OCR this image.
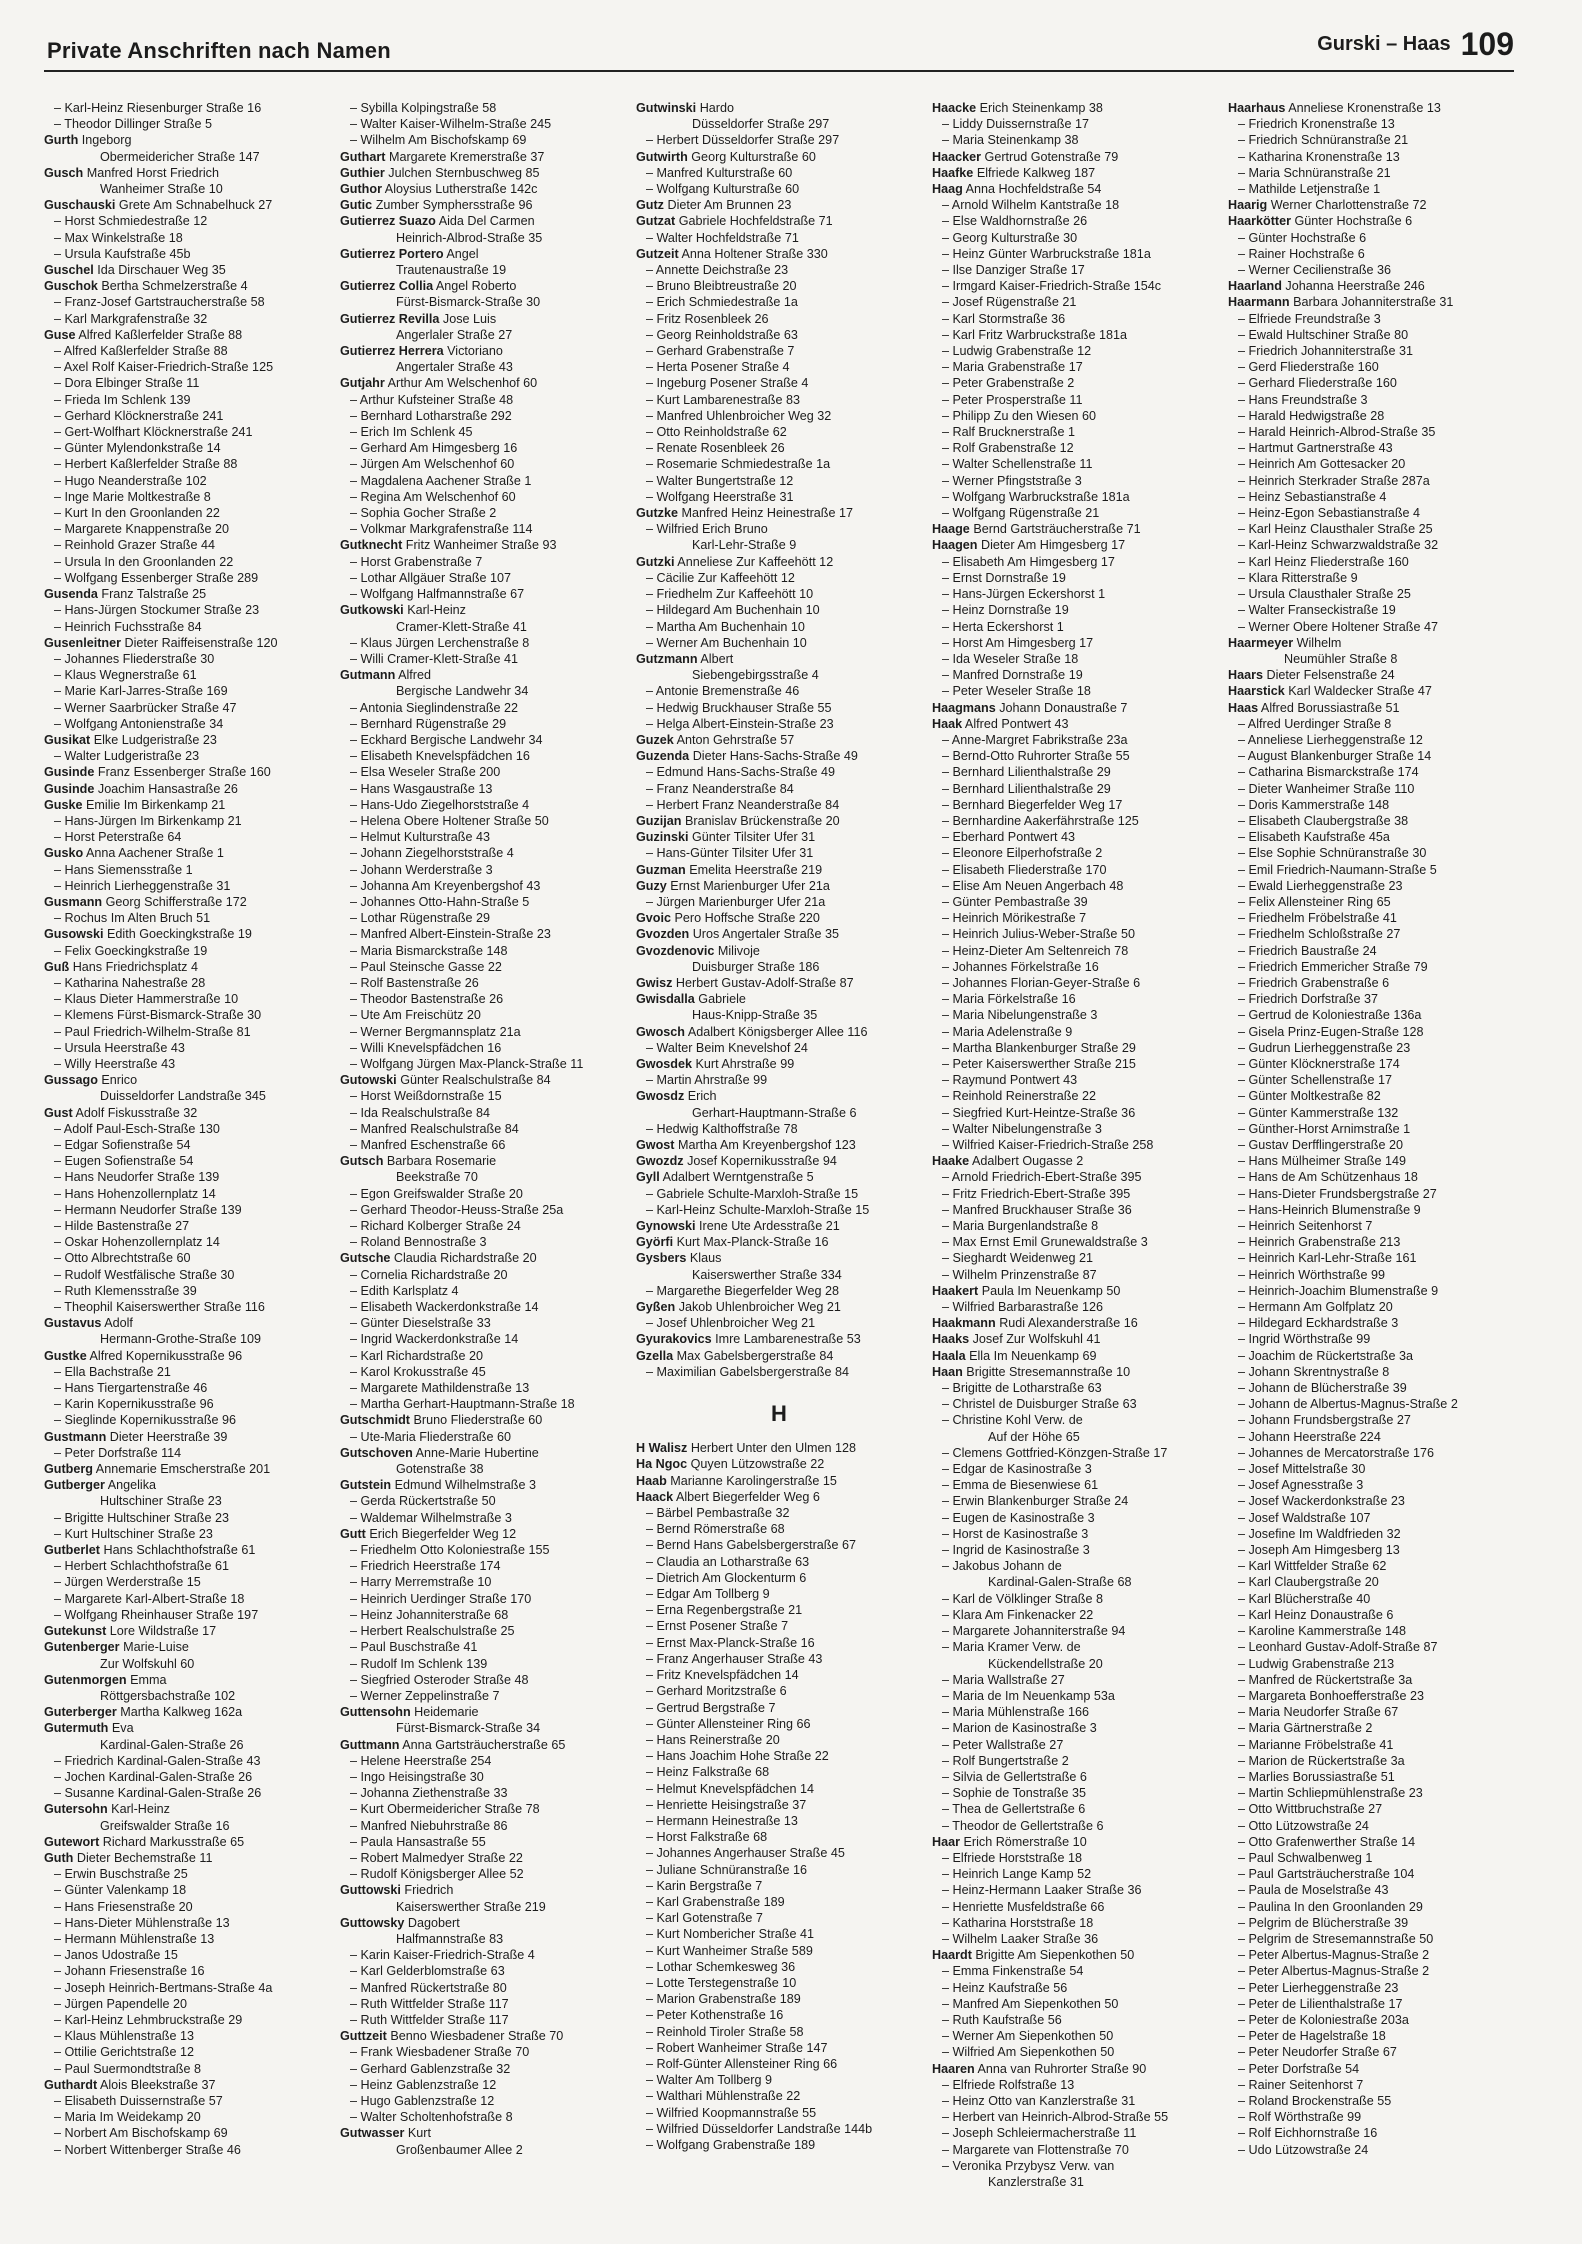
Private Anschriften nach Namen	Gurski – Haas 109
– Karl-Heinz Riesenburger Straße 16
– Theodor Dillinger Straße 5
Gurth Ingeborg
Obermeidericher Straße 147
Gusch Manfred Horst Friedrich
Wanheimer Straße 10
Guschauski Grete Am Schnabelhuck 27
– Horst Schmiedestraße 12
– Max Winkelstraße 18
– Ursula Kaufstraße 45b
Guschel Ida Dirschauer Weg 35
Guschok Bertha Schmelzerstraße 4
– Franz-Josef Gartstraucherstraße 58
– Karl Markgrafenstraße 32
Guse Alfred Kaßlerfelder Straße 88
– Alfred Kaßlerfelder Straße 88
– Axel Rolf Kaiser-Friedrich-Straße 125
– Dora Elbinger Straße 11
– Frieda Im Schlenk 139
– Gerhard Klöcknerstraße 241
– Gert-Wolfhart Klöcknerstraße 241
– Günter Mylendonkstraße 14
– Herbert Kaßlerfelder Straße 88
– Hugo Neanderstraße 102
– Inge Marie Moltkestraße 8
– Kurt In den Groonlanden 22
– Margarete Knappenstraße 20
– Reinhold Grazer Straße 44
– Ursula In den Groonlanden 22
– Wolfgang Essenberger Straße 289
Gusenda Franz Talstraße 25
– Hans-Jürgen Stockumer Straße 23
– Heinrich Fuchsstraße 84
Gusenleitner Dieter Raiffeisenstraße 120
– Johannes Fliederstraße 30
– Klaus Wegnerstraße 61
– Marie Karl-Jarres-Straße 169
– Werner Saarbrücker Straße 47
– Wolfgang Antonienstraße 34
Gusikat Elke Ludgeristraße 23
– Walter Ludgeristraße 23
Gusinde Franz Essenberger Straße 160
Gusinde Joachim Hansastraße 26
Guske Emilie Im Birkenkamp 21
– Hans-Jürgen Im Birkenkamp 21
– Horst Peterstraße 64
Gusko Anna Aachener Straße 1
– Hans Siemensstraße 1
– Heinrich Lierheggenstraße 31
Gusmann Georg Schifferstraße 172
– Rochus Im Alten Bruch 51
Gusowski Edith Goeckingkstraße 19
– Felix Goeckingkstraße 19
Guß Hans Friedrichsplatz 4
– Katharina Nahestraße 28
– Klaus Dieter Hammerstraße 10
– Klemens Fürst-Bismarck-Straße 30
– Paul Friedrich-Wilhelm-Straße 81
– Ursula Heerstraße 43
– Willy Heerstraße 43
Gussago Enrico
Duisseldorfer Landstraße 345
Gust Adolf Fiskusstraße 32
– Adolf Paul-Esch-Straße 130
– Edgar Sofienstraße 54
– Eugen Sofienstraße 54
– Hans Neudorfer Straße 139
– Hans Hohenzollernplatz 14
– Hermann Neudorfer Straße 139
– Hilde Bastenstraße 27
– Oskar Hohenzollernplatz 14
– Otto Albrechtstraße 60
– Rudolf Westfälische Straße 30
– Ruth Klemensstraße 39
– Theophil Kaiserswerther Straße 116
Gustavus Adolf
Hermann-Grothe-Straße 109
Gustke Alfred Kopernikusstraße 96
– Ella Bachstraße 21
– Hans Tiergartenstraße 46
– Karin Kopernikusstraße 96
– Sieglinde Kopernikusstraße 96
Gustmann Dieter Heerstraße 39
– Peter Dorfstraße 114
Gutberg Annemarie Emscherstraße 201
Gutberger Angelika
Hultschiner Straße 23
– Brigitte Hultschiner Straße 23
– Kurt Hultschiner Straße 23
Gutberlet Hans Schlachthofstraße 61
– Herbert Schlachthofstraße 61
– Jürgen Werderstraße 15
– Margarete Karl-Albert-Straße 18
– Wolfgang Rheinhauser Straße 197
Gutekunst Lore Wildstraße 17
Gutenberger Marie-Luise
Zur Wolfskuhl 60
Gutenmorgen Emma
Röttgersbachstraße 102
Guterberger Martha Kalkweg 162a
Gutermuth Eva
Kardinal-Galen-Straße 26
– Friedrich Kardinal-Galen-Straße 43
– Jochen Kardinal-Galen-Straße 26
– Susanne Kardinal-Galen-Straße 26
Gutersohn Karl-Heinz
Greifswalder Straße 16
Gutewort Richard Markusstraße 65
Guth Dieter Bechemstraße 11
– Erwin Buschstraße 25
– Günter Valenkamp 18
– Hans Friesenstraße 20
– Hans-Dieter Mühlenstraße 13
– Hermann Mühlenstraße 13
– Janos Udostraße 15
– Johann Friesenstraße 16
– Joseph Heinrich-Bertmans-Straße 4a
– Jürgen Papendelle 20
– Karl-Heinz Lehmbruckstraße 29
– Klaus Mühlenstraße 13
– Ottilie Gerichtstraße 12
– Paul Suermondtstraße 8
Guthardt Alois Bleekstraße 37
– Elisabeth Duissernstraße 57
– Maria Im Weidekamp 20
– Norbert Am Bischofskamp 69
– Norbert Wittenberger Straße 46
– Sybilla Kolpingstraße 58
– Walter Kaiser-Wilhelm-Straße 245
– Wilhelm Am Bischofskamp 69
Guthart Margarete Kremerstraße 37
Guthier Julchen Sternbuschweg 85
Guthor Aloysius Lutherstraße 142c
Gutic Zumber Symphersstraße 96
Gutierrez Suazo Aida Del Carmen
Heinrich-Albrod-Straße 35
Gutierrez Portero Angel
Trautenaustraße 19
Gutierrez Collia Angel Roberto
Fürst-Bismarck-Straße 30
Gutierrez Revilla Jose Luis
Angerlaler Straße 27
Gutierrez Herrera Victoriano
Angertaler Straße 43
Gutjahr Arthur Am Welschenhof 60
– Arthur Kufsteiner Straße 48
– Bernhard Lotharstraße 292
– Erich Im Schlenk 45
– Gerhard Am Himgesberg 16
– Jürgen Am Welschenhof 60
– Magdalena Aachener Straße 1
– Regina Am Welschenhof 60
– Sophia Gocher Straße 2
– Volkmar Markgrafenstraße 114
Gutknecht Fritz Wanheimer Straße 93
– Horst Grabenstraße 7
– Lothar Allgäuer Straße 107
– Wolfgang Halfmannstraße 67
Gutkowski Karl-Heinz
Cramer-Klett-Straße 41
– Klaus Jürgen Lerchenstraße 8
– Willi Cramer-Klett-Straße 41
Gutmann Alfred
Bergische Landwehr 34
– Antonia Sieglindenstraße 22
– Bernhard Rügenstraße 29
– Eckhard Bergische Landwehr 34
– Elisabeth Knevelspfädchen 16
– Elsa Weseler Straße 200
– Hans Wasgaustraße 13
– Hans-Udo Ziegelhorststraße 4
– Helena Obere Holtener Straße 50
– Helmut Kulturstraße 43
– Johann Ziegelhorststraße 4
– Johann Werderstraße 3
– Johanna Am Kreyenbergshof 43
– Johannes Otto-Hahn-Straße 5
– Lothar Rügenstraße 29
– Manfred Albert-Einstein-Straße 23
– Maria Bismarckstraße 148
– Paul Steinsche Gasse 22
– Rolf Bastenstraße 26
– Theodor Bastenstraße 26
– Ute Am Freischütz 20
– Werner Bergmannsplatz 21a
– Willi Knevelspfädchen 16
– Wolfgang Jürgen Max-Planck-Straße 11
Gutowski Günter Realschulstraße 84
– Horst Weißdornstraße 15
– Ida Realschulstraße 84
– Manfred Realschulstraße 84
– Manfred Eschenstraße 66
Gutsch Barbara Rosemarie
Beekstraße 70
– Egon Greifswalder Straße 20
– Gerhard Theodor-Heuss-Straße 25a
– Richard Kolberger Straße 24
– Roland Bennostraße 3
Gutsche Claudia Richardstraße 20
– Cornelia Richardstraße 20
– Edith Karlsplatz 4
– Elisabeth Wackerdonkstraße 14
– Günter Dieselstraße 33
– Ingrid Wackerdonkstraße 14
– Karl Richardstraße 20
– Karol Krokusstraße 45
– Margarete Mathildenstraße 13
– Martha Gerhart-Hauptmann-Straße 18
Gutschmidt Bruno Fliederstraße 60
– Ute-Maria Fliederstraße 60
Gutschoven Anne-Marie Hubertine
Gotenstraße 38
Gutstein Edmund Wilhelmstraße 3
– Gerda Rückertstraße 50
– Waldemar Wilhelmstraße 3
Gutt Erich Biegerfelder Weg 12
– Friedhelm Otto Koloniestraße 155
– Friedrich Heerstraße 174
– Harry Merremstraße 10
– Heinrich Uerdinger Straße 170
– Heinz Johanniterstraße 68
– Herbert Realschulstraße 25
– Paul Buschstraße 41
– Rudolf Im Schlenk 139
– Siegfried Osteroder Straße 48
– Werner Zeppelinstraße 7
Guttensohn Heidemarie
Fürst-Bismarck-Straße 34
Guttmann Anna Gartsträucherstraße 65
– Helene Heerstraße 254
– Ingo Heisingstraße 30
– Johanna Ziethenstraße 33
– Kurt Obermeidericher Straße 78
– Manfred Niebuhrstraße 86
– Paula Hansastraße 55
– Robert Malmedyer Straße 22
– Rudolf Königsberger Allee 52
Guttowski Friedrich
Kaiserswerther Straße 219
Guttowsky Dagobert
Halfmannstraße 83
– Karin Kaiser-Friedrich-Straße 4
– Karl Gelderblomstraße 63
– Manfred Rückertstraße 80
– Ruth Wittfelder Straße 117
– Ruth Wittfelder Straße 117
Guttzeit Benno Wiesbadener Straße 70
– Frank Wiesbadener Straße 70
– Gerhard Gablenzstraße 32
– Heinz Gablenzstraße 12
– Hugo Gablenzstraße 12
– Walter Scholtenhofstraße 8
Gutwasser Kurt
Großenbaumer Allee 2
Gutwinski Hardo
Düsseldorfer Straße 297
– Herbert Düsseldorfer Straße 297
Gutwirth Georg Kulturstraße 60
– Manfred Kulturstraße 60
– Wolfgang Kulturstraße 60
Gutz Dieter Am Brunnen 23
Gutzat Gabriele Hochfeldstraße 71
– Walter Hochfeldstraße 71
Gutzeit Anna Holtener Straße 330
– Annette Deichstraße 23
– Bruno Bleibtreustraße 20
– Erich Schmiedestraße 1a
– Fritz Rosenbleek 26
– Georg Reinholdstraße 63
– Gerhard Grabenstraße 7
– Herta Posener Straße 4
– Ingeburg Posener Straße 4
– Kurt Lambarenestraße 83
– Manfred Uhlenbroicher Weg 32
– Otto Reinholdstraße 62
– Renate Rosenbleek 26
– Rosemarie Schmiedestraße 1a
– Walter Bungertstraße 12
– Wolfgang Heerstraße 31
Gutzke Manfred Heinz Heinestraße 17
– Wilfried Erich Bruno
Karl-Lehr-Straße 9
Gutzki Anneliese Zur Kaffeehött 12
– Cäcilie Zur Kaffeehött 12
– Friedhelm Zur Kaffeehött 10
– Hildegard Am Buchenhain 10
– Martha Am Buchenhain 10
– Werner Am Buchenhain 10
Gutzmann Albert
Siebengebirgsstraße 4
– Antonie Bremenstraße 46
– Hedwig Bruckhauser Straße 55
– Helga Albert-Einstein-Straße 23
Guzek Anton Gehrstraße 57
Guzenda Dieter Hans-Sachs-Straße 49
– Edmund Hans-Sachs-Straße 49
– Franz Neanderstraße 84
– Herbert Franz Neanderstraße 84
Guzijan Branislav Brückenstraße 20
Guzinski Günter Tilsiter Ufer 31
– Hans-Günter Tilsiter Ufer 31
Guzman Emelita Heerstraße 219
Guzy Ernst Marienburger Ufer 21a
– Jürgen Marienburger Ufer 21a
Gvoic Pero Hoffsche Straße 220
Gvozden Uros Angertaler Straße 35
Gvozdenovic Milivoje
Duisburger Straße 186
Gwisz Herbert Gustav-Adolf-Straße 87
Gwisdalla Gabriele
Haus-Knipp-Straße 35
Gwosch Adalbert Königsberger Allee 116
– Walter Beim Knevelshof 24
Gwosdek Kurt Ahrstraße 99
– Martin Ahrstraße 99
Gwosdz Erich
Gerhart-Hauptmann-Straße 6
– Hedwig Kalthoffstraße 78
Gwost Martha Am Kreyenbergshof 123
Gwozdz Josef Kopernikusstraße 94
Gyll Adalbert Werntgenstraße 5
– Gabriele Schulte-Marxloh-Straße 15
– Karl-Heinz Schulte-Marxloh-Straße 15
Gynowski Irene Ute Ardesstraße 21
Györfi Kurt Max-Planck-Straße 16
Gysbers Klaus
Kaiserswerther Straße 334
– Margarethe Biegerfelder Weg 28
Gyßen Jakob Uhlenbroicher Weg 21
– Josef Uhlenbroicher Weg 21
Gyurakovics Imre Lambarenestraße 53
Gzella Max Gabelsbergerstraße 84
– Maximilian Gabelsbergerstraße 84
H
H Walisz Herbert Unter den Ulmen 128
Ha Ngoc Quyen Lützowstraße 22
Haab Marianne Karolingerstraße 15
Haack Albert Biegerfelder Weg 6
– Bärbel Pembastraße 32
– Bernd Römerstraße 68
– Bernd Hans Gabelsbergerstraße 67
– Claudia an Lotharstraße 63
– Dietrich Am Glockenturm 6
– Edgar Am Tollberg 9
– Erna Regenbergstraße 21
– Ernst Posener Straße 7
– Ernst Max-Planck-Straße 16
– Franz Angerhauser Straße 43
– Fritz Knevelspfädchen 14
– Gerhard Moritzstraße 6
– Gertrud Bergstraße 7
– Günter Allensteiner Ring 66
– Hans Reinerstraße 20
– Hans Joachim Hohe Straße 22
– Heinz Falkstraße 68
– Helmut Knevelspfädchen 14
– Henriette Heisingstraße 37
– Hermann Heinestraße 13
– Horst Falkstraße 68
– Johannes Angerhauser Straße 45
– Juliane Schnüranstraße 16
– Karin Bergstraße 7
– Karl Grabenstraße 189
– Karl Gotenstraße 7
– Kurt Nombericher Straße 41
– Kurt Wanheimer Straße 589
– Lothar Schemkesweg 36
– Lotte Terstegenstraße 10
– Marion Grabenstraße 189
– Peter Kothenstraße 16
– Reinhold Tiroler Straße 58
– Robert Wanheimer Straße 147
– Rolf-Günter Allensteiner Ring 66
– Walter Am Tollberg 9
– Walthari Mühlenstraße 22
– Wilfried Koopmannstraße 55
– Wilfried Düsseldorfer Landstraße 144b
– Wolfgang Grabenstraße 189
Haacke Erich Steinenkamp 38
– Liddy Duissernstraße 17
– Maria Steinenkamp 38
Haacker Gertrud Gotenstraße 79
Haafke Elfriede Kalkweg 187
Haag Anna Hochfeldstraße 54
– Arnold Wilhelm Kantstraße 18
– Else Waldhornstraße 26
– Georg Kulturstraße 30
– Heinz Günter Warbruckstraße 181a
– Ilse Danziger Straße 17
– Irmgard Kaiser-Friedrich-Straße 154c
– Josef Rügenstraße 21
– Karl Stormstraße 36
– Karl Fritz Warbruckstraße 181a
– Ludwig Grabenstraße 12
– Maria Grabenstraße 17
– Peter Grabenstraße 2
– Peter Prosperstraße 11
– Philipp Zu den Wiesen 60
– Ralf Brucknerstraße 1
– Rolf Grabenstraße 12
– Walter Schellenstraße 11
– Werner Pfingststraße 3
– Wolfgang Warbruckstraße 181a
– Wolfgang Rügenstraße 21
Haage Bernd Gartsträucherstraße 71
Haagen Dieter Am Himgesberg 17
– Elisabeth Am Himgesberg 17
– Ernst Dornstraße 19
– Hans-Jürgen Eckershorst 1
– Heinz Dornstraße 19
– Herta Eckershorst 1
– Horst Am Himgesberg 17
– Ida Weseler Straße 18
– Manfred Dornstraße 19
– Peter Weseler Straße 18
Haagmans Johann Donaustraße 7
Haak Alfred Pontwert 43
– Anne-Margret Fabrikstraße 23a
– Bernd-Otto Ruhrorter Straße 55
– Bernhard Lilienthalstraße 29
– Bernhard Lilienthalstraße 29
– Bernhard Biegerfelder Weg 17
– Bernhardine Aakerfährstraße 125
– Eberhard Pontwert 43
– Eleonore Eilperhofstraße 2
– Elisabeth Fliederstraße 170
– Elise Am Neuen Angerbach 48
– Günter Pembastraße 39
– Heinrich Mörikestraße 7
– Heinrich Julius-Weber-Straße 50
– Heinz-Dieter Am Seltenreich 78
– Johannes Förkelstraße 16
– Johannes Florian-Geyer-Straße 6
– Maria Förkelstraße 16
– Maria Nibelungenstraße 3
– Maria Adelenstraße 9
– Martha Blankenburger Straße 29
– Peter Kaiserswerther Straße 215
– Raymund Pontwert 43
– Reinhold Reinerstraße 22
– Siegfried Kurt-Heintze-Straße 36
– Walter Nibelungenstraße 3
– Wilfried Kaiser-Friedrich-Straße 258
Haake Adalbert Ougasse 2
– Arnold Friedrich-Ebert-Straße 395
– Fritz Friedrich-Ebert-Straße 395
– Manfred Bruckhauser Straße 36
– Maria Burgenlandstraße 8
– Max Ernst Emil Grunewaldstraße 3
– Sieghardt Weidenweg 21
– Wilhelm Prinzenstraße 87
Haakert Paula Im Neuenkamp 50
– Wilfried Barbarastraße 126
Haakmann Rudi Alexanderstraße 16
Haaks Josef Zur Wolfskuhl 41
Haala Ella Im Neuenkamp 69
Haan Brigitte Stresemannstraße 10
– Brigitte de Lotharstraße 63
– Christel de Duisburger Straße 63
– Christine Kohl Verw. de
Auf der Höhe 65
– Clemens Gottfried-Könzgen-Straße 17
– Edgar de Kasinostraße 3
– Emma de Biesenwiese 61
– Erwin Blankenburger Straße 24
– Eugen de Kasinostraße 3
– Horst de Kasinostraße 3
– Ingrid de Kasinostraße 3
– Jakobus Johann de
Kardinal-Galen-Straße 68
– Karl de Völklinger Straße 8
– Klara Am Finkenacker 22
– Margarete Johanniterstraße 94
– Maria Kramer Verw. de
Kückendellstraße 20
– Maria Wallstraße 27
– Maria de Im Neuenkamp 53a
– Maria Mühlenstraße 166
– Marion de Kasinostraße 3
– Peter Wallstraße 27
– Rolf Bungertstraße 2
– Silvia de Gellertstraße 6
– Sophie de Tonstraße 35
– Thea de Gellertstraße 6
– Theodor de Gellertstraße 6
Haar Erich Römerstraße 10
– Elfriede Horststraße 18
– Heinrich Lange Kamp 52
– Heinz-Hermann Laaker Straße 36
– Henriette Musfeldstraße 66
– Katharina Horststraße 18
– Wilhelm Laaker Straße 36
Haardt Brigitte Am Siepenkothen 50
– Emma Finkenstraße 54
– Heinz Kaufstraße 56
– Manfred Am Siepenkothen 50
– Ruth Kaufstraße 56
– Werner Am Siepenkothen 50
– Wilfried Am Siepenkothen 50
Haaren Anna van Ruhrorter Straße 90
– Elfriede Rolfstraße 13
– Heinz Otto van Kanzlerstraße 31
– Herbert van Heinrich-Albrod-Straße 55
– Joseph Schleiermacherstraße 11
– Margarete van Flottenstraße 70
– Veronika Przybysz Verw. van
Kanzlerstraße 31
Haarhaus Anneliese Kronenstraße 13
– Friedrich Kronenstraße 13
– Friedrich Schnüranstraße 21
– Katharina Kronenstraße 13
– Maria Schnüranstraße 21
– Mathilde Letjenstraße 1
Haarig Werner Charlottenstraße 72
Haarkötter Günter Hochstraße 6
– Günter Hochstraße 6
– Rainer Hochstraße 6
– Werner Cecilienstraße 36
Haarland Johanna Heerstraße 246
Haarmann Barbara Johanniterstraße 31
– Elfriede Freundstraße 3
– Ewald Hultschiner Straße 80
– Friedrich Johanniterstraße 31
– Gerd Fliederstraße 160
– Gerhard Fliederstraße 160
– Hans Freundstraße 3
– Harald Hedwigstraße 28
– Harald Heinrich-Albrod-Straße 35
– Hartmut Gartnerstraße 43
– Heinrich Am Gottesacker 20
– Heinrich Sterkrader Straße 287a
– Heinz Sebastianstraße 4
– Heinz-Egon Sebastianstraße 4
– Karl Heinz Clausthaler Straße 25
– Karl-Heinz Schwarzwaldstraße 32
– Karl Heinz Fliederstraße 160
– Klara Ritterstraße 9
– Ursula Clausthaler Straße 25
– Walter Franseckistraße 19
– Werner Obere Holtener Straße 47
Haarmeyer Wilhelm
Neumühler Straße 8
Haars Dieter Felsenstraße 24
Haarstick Karl Waldecker Straße 47
Haas Alfred Borussiastraße 51
– Alfred Uerdinger Straße 8
– Anneliese Lierheggenstraße 12
– August Blankenburger Straße 14
– Catharina Bismarckstraße 174
– Dieter Wanheimer Straße 110
– Doris Kammerstraße 148
– Elisabeth Claubergstraße 38
– Elisabeth Kaufstraße 45a
– Else Sophie Schnüranstraße 30
– Emil Friedrich-Naumann-Straße 5
– Ewald Lierheggenstraße 23
– Felix Allensteiner Ring 65
– Friedhelm Fröbelstraße 41
– Friedhelm Schloßstraße 27
– Friedrich Baustraße 24
– Friedrich Emmericher Straße 79
– Friedrich Grabenstraße 6
– Friedrich Dorfstraße 37
– Gertrud de Koloniestraße 136a
– Gisela Prinz-Eugen-Straße 128
– Gudrun Lierheggenstraße 23
– Günter Klöcknerstraße 174
– Günter Schellenstraße 17
– Günter Moltkestraße 82
– Günter Kammerstraße 132
– Günther-Horst Arnimstraße 1
– Gustav Derfflingerstraße 20
– Hans Mülheimer Straße 149
– Hans de Am Schützenhaus 18
– Hans-Dieter Frundsbergstraße 27
– Hans-Heinrich Blumenstraße 9
– Heinrich Seitenhorst 7
– Heinrich Grabenstraße 213
– Heinrich Karl-Lehr-Straße 161
– Heinrich Wörthstraße 99
– Heinrich-Joachim Blumenstraße 9
– Hermann Am Golfplatz 20
– Hildegard Eckhardstraße 3
– Ingrid Wörthstraße 99
– Joachim de Rückertstraße 3a
– Johann Skrentnystraße 8
– Johann de Blücherstraße 39
– Johann de Albertus-Magnus-Straße 2
– Johann Frundsbergstraße 27
– Johann Heerstraße 224
– Johannes de Mercatorstraße 176
– Josef Mittelstraße 30
– Josef Agnesstraße 3
– Josef Wackerdonkstraße 23
– Josef Waldstraße 107
– Josefine Im Waldfrieden 32
– Joseph Am Himgesberg 13
– Karl Wittfelder Straße 62
– Karl Claubergstraße 20
– Karl Blücherstraße 40
– Karl Heinz Donaustraße 6
– Karoline Kammerstraße 148
– Leonhard Gustav-Adolf-Straße 87
– Ludwig Grabenstraße 213
– Manfred de Rückertstraße 3a
– Margareta Bonhoefferstraße 23
– Maria Neudorfer Straße 67
– Maria Gärtnerstraße 2
– Marianne Fröbelstraße 41
– Marion de Rückertstraße 3a
– Marlies Borussiastraße 51
– Martin Schliepmühlenstraße 23
– Otto Wittbruchstraße 27
– Otto Lützowstraße 24
– Otto Grafenwerther Straße 14
– Paul Schwalbenweg 1
– Paul Gartsträucherstraße 104
– Paula de Moselstraße 43
– Paulina In den Groonlanden 29
– Pelgrim de Blücherstraße 39
– Pelgrim de Stresemannstraße 50
– Peter Albertus-Magnus-Straße 2
– Peter Albertus-Magnus-Straße 2
– Peter Lierheggenstraße 23
– Peter de Lilienthalstraße 17
– Peter de Koloniestraße 203a
– Peter de Hagelstraße 18
– Peter Neudorfer Straße 67
– Peter Dorfstraße 54
– Rainer Seitenhorst 7
– Roland Brockenstraße 55
– Rolf Wörthstraße 99
– Rolf Eichhornstraße 16
– Udo Lützowstraße 24
